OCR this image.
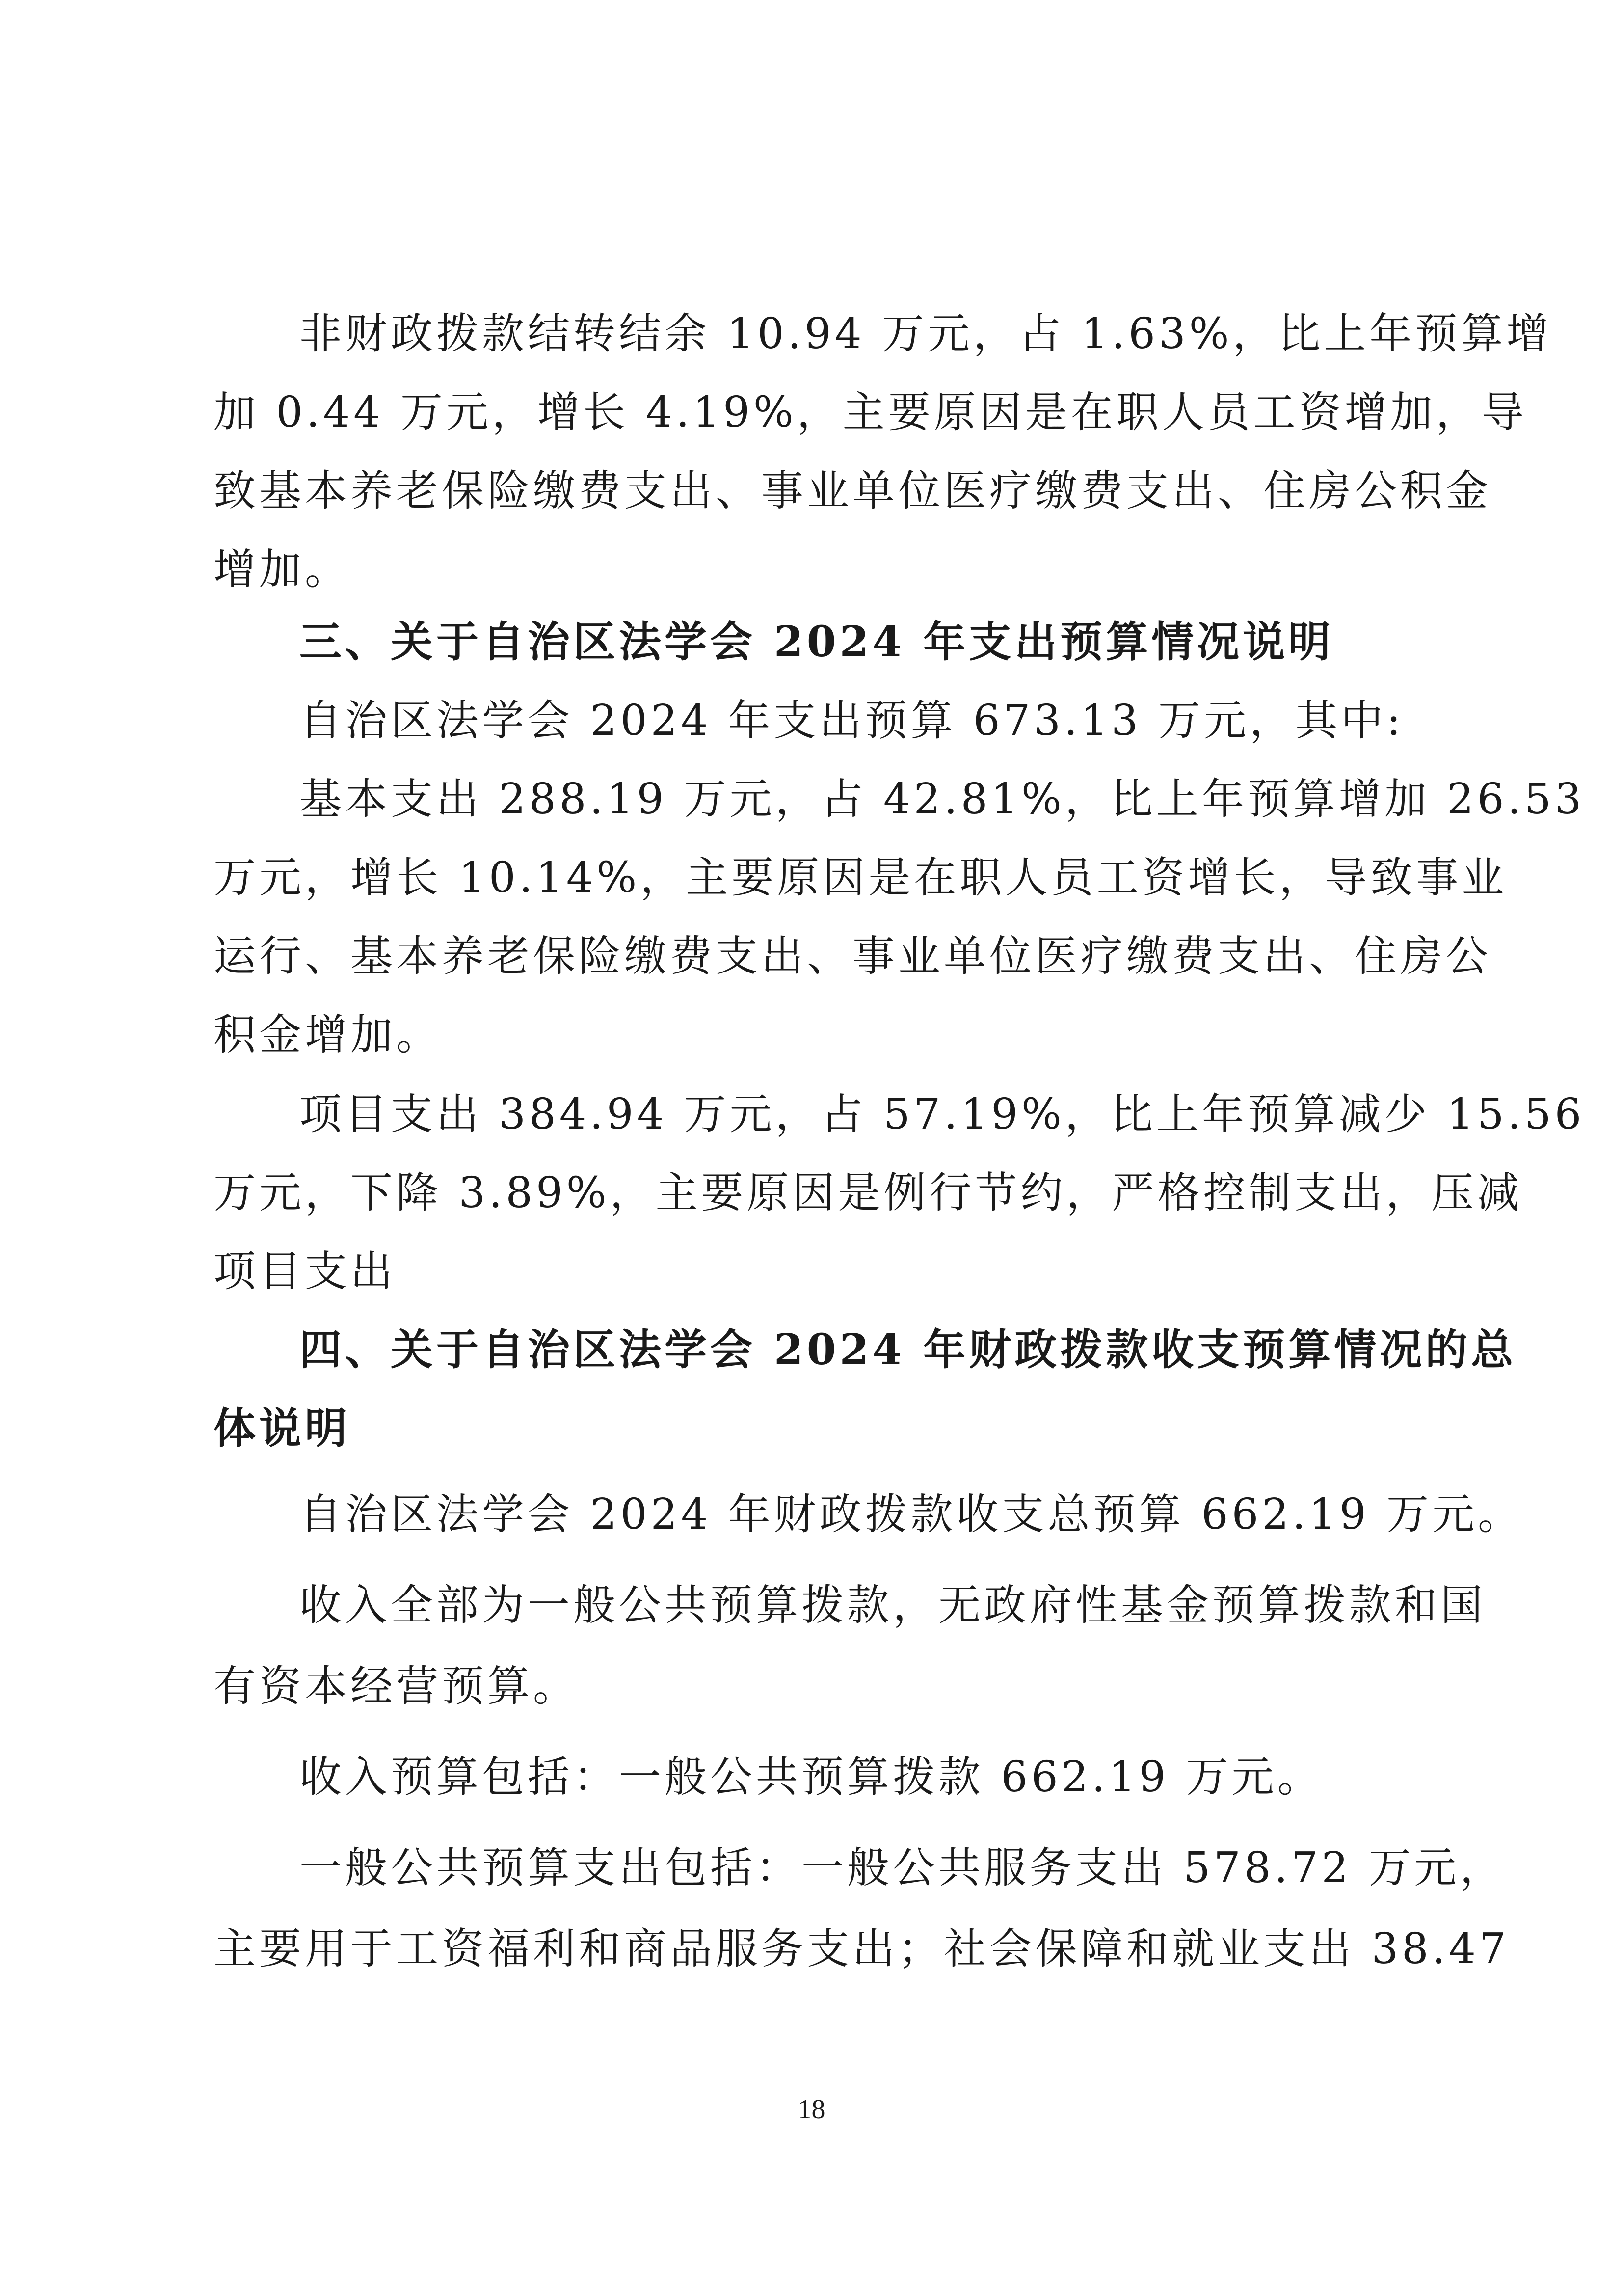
非财政拨款结转结余 10.94 万元，占 1.63%，比上年预算增

加 0.44 万元，增长 4.19%，主要原因是在职人员工资增加，导

致基本养老保险缴费支出、事业单位医疗缴费支出、住房公积金

增加。

三、关于自治区法学会 2024 年支出预算情况说明

自治区法学会 2024 年支出预算 673.13 万元，其中:

基本支出 288.19 万元，占 42.81%，比上年预算增加 26.53

万元，增长 10.14%，主要原因是在职人员工资增长，导致事业

运行、基本养老保险缴费支出、事业单位医疗缴费支出、住房公

积金增加。

项目支出 384.94 万元，占 57.19%，比上年预算减少 15.56

万元，下降 3.89%，主要原因是例行节约，严格控制支出，压减

项目支出

四、关于自治区法学会 2024 年财政拨款收支预算情况的总

体说明

自治区法学会 2024 年财政拨款收支总预算 662.19 万元。

收入全部为一般公共预算拨款，无政府性基金预算拨款和国

有资本经营预算。

收入预算包括：一般公共预算拨款 662.19 万元。

一般公共预算支出包括：一般公共服务支出 578.72 万元，

主要用于工资福利和商品服务支出；社会保障和就业支出 38.47

18
